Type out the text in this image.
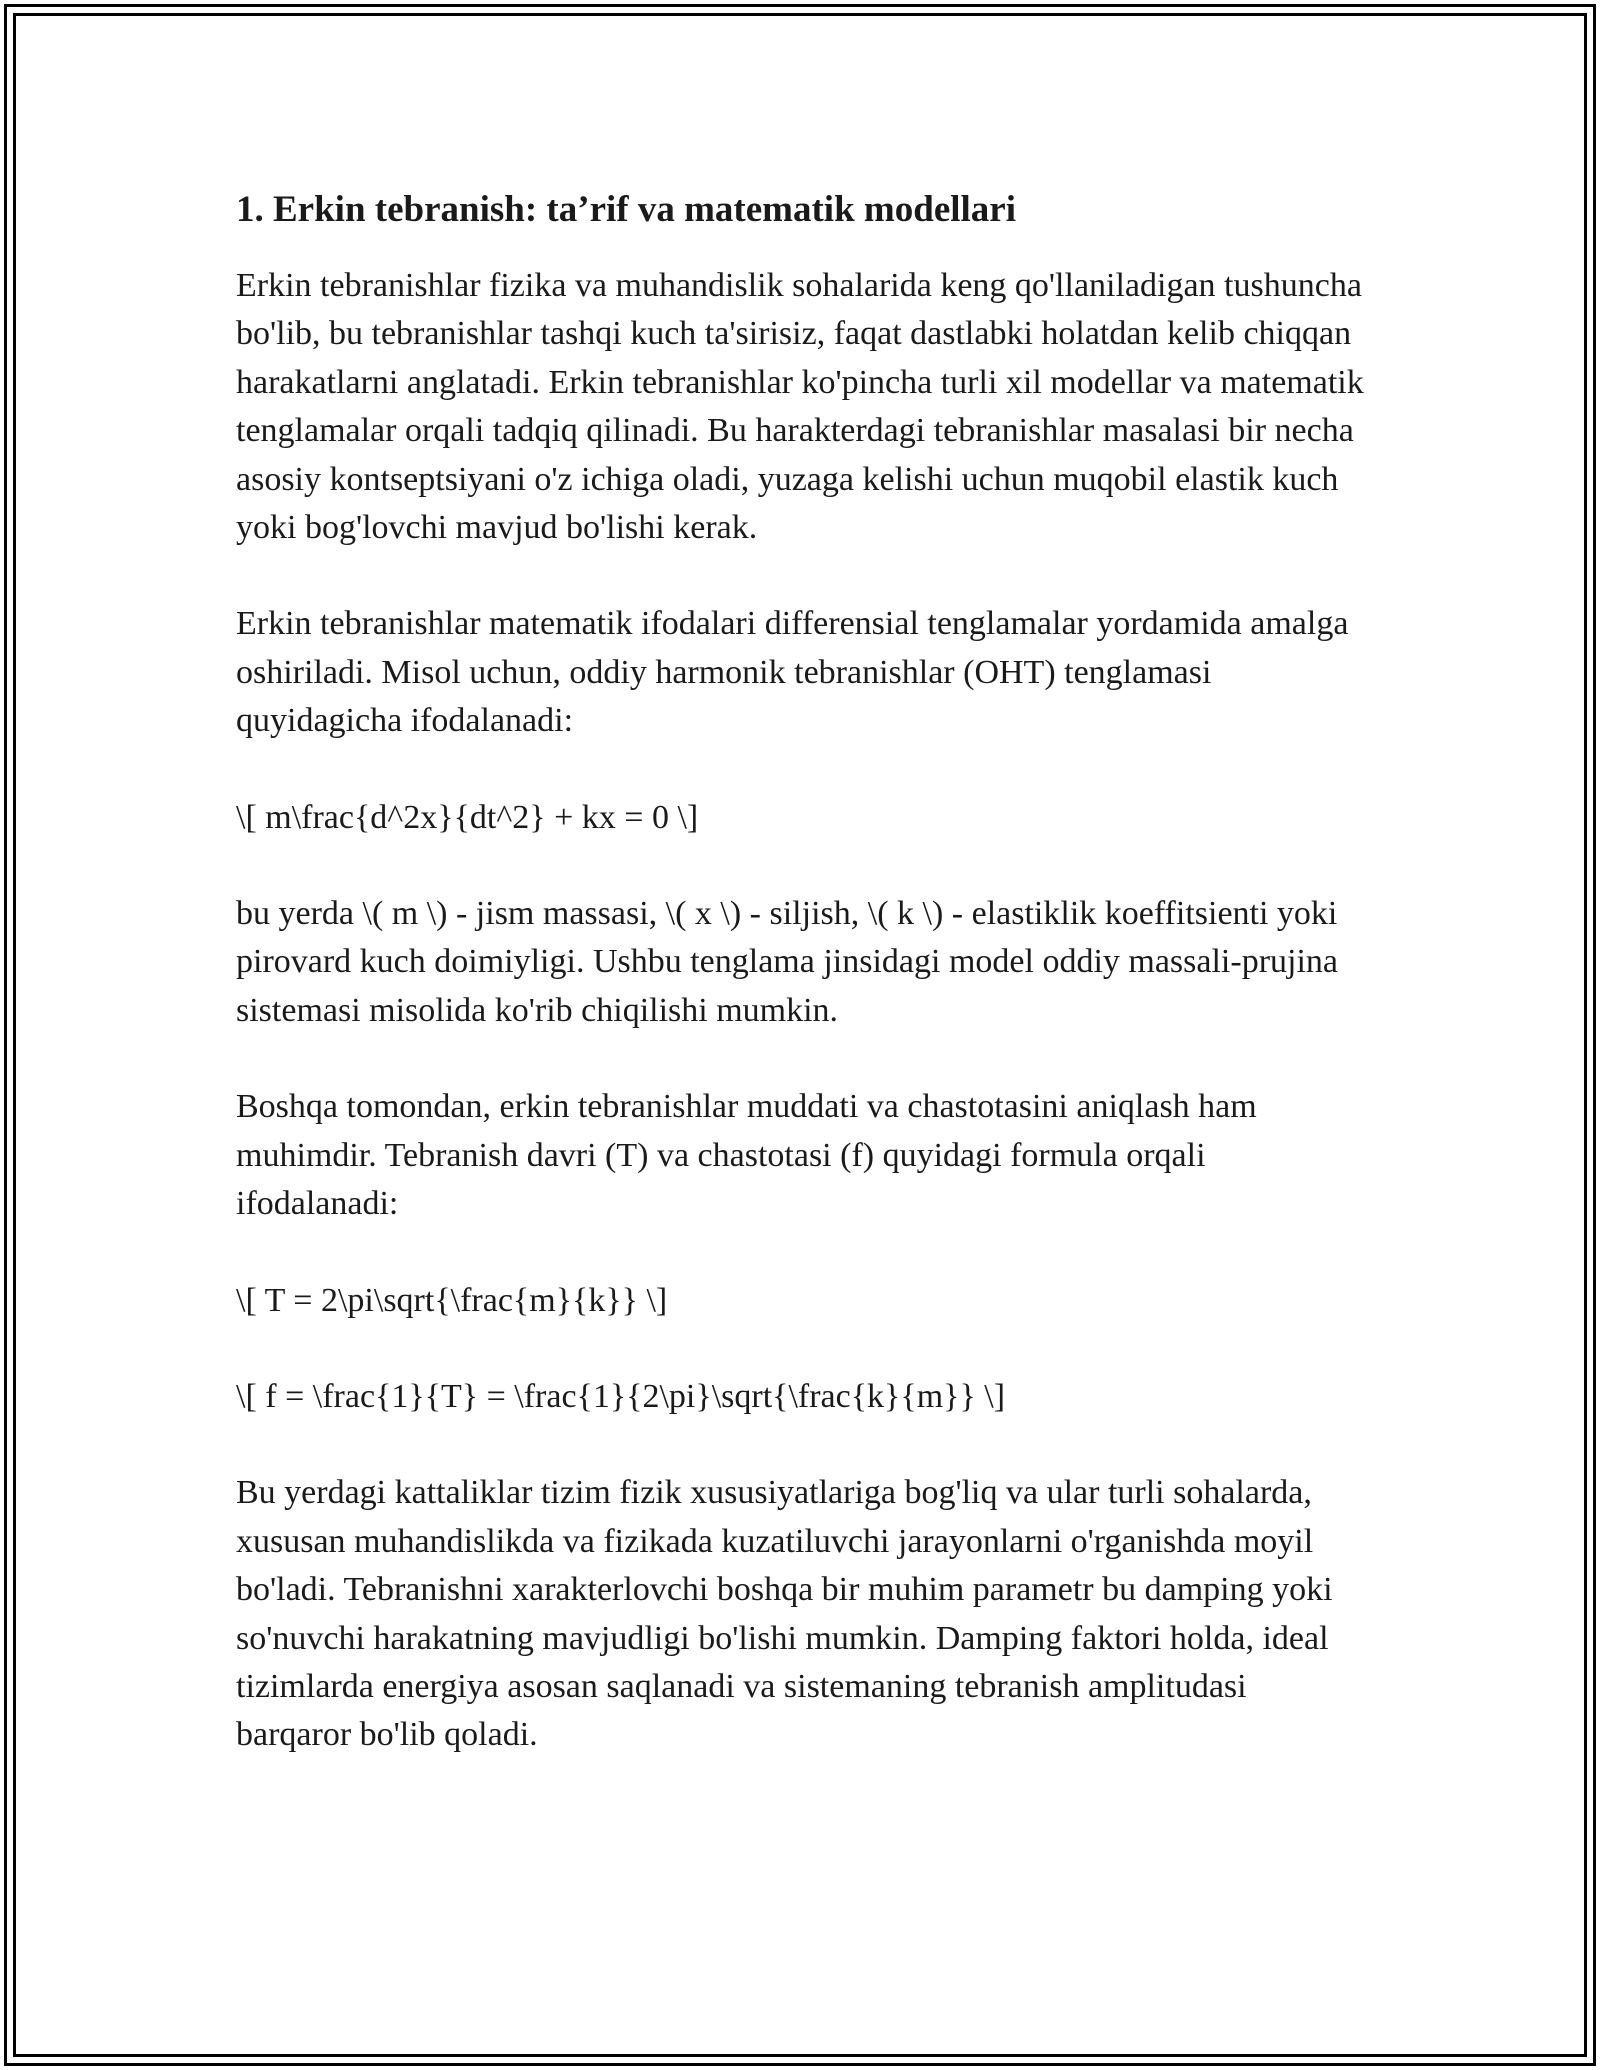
1. Erkin tebranish: ta’rif va matematik modellari

Erkin tebranishlar fizika va muhandislik sohalarida keng qo'llaniladigan tushuncha bo'lib, bu tebranishlar tashqi kuch ta'sirisiz, faqat dastlabki holatdan kelib chiqqan harakatlarni anglatadi. Erkin tebranishlar ko'pincha turli xil modellar va matematik tenglamalar orqali tadqiq qilinadi. Bu harakterdagi tebranishlar masalasi bir necha asosiy kontseptsiyani o'z ichiga oladi, yuzaga kelishi uchun muqobil elastik kuch yoki bog'lovchi mavjud bo'lishi kerak.

Erkin tebranishlar matematik ifodalari differensial tenglamalar yordamida amalga oshiriladi. Misol uchun, oddiy harmonik tebranishlar (OHT) tenglamasi quyidagicha ifodalanadi:

\[ m\frac{d^2x}{dt^2} + kx = 0 \]

bu yerda \( m \) - jism massasi, \( x \) - siljish, \( k \) - elastiklik koeffitsienti yoki pirovard kuch doimiyligi. Ushbu tenglama jinsidagi model oddiy massali-prujina sistemasi misolida ko'rib chiqilishi mumkin.

Boshqa tomondan, erkin tebranishlar muddati va chastotasini aniqlash ham muhimdir. Tebranish davri (T) va chastotasi (f) quyidagi formula orqali ifodalanadi:

\[ T = 2\pi\sqrt{\frac{m}{k}} \]

\[ f = \frac{1}{T} = \frac{1}{2\pi}\sqrt{\frac{k}{m}} \]

Bu yerdagi kattaliklar tizim fizik xususiyatlariga bog'liq va ular turli sohalarda, xususan muhandislikda va fizikada kuzatiluvchi jarayonlarni o'rganishda moyil bo'ladi. Tebranishni xarakterlovchi boshqa bir muhim parametr bu damping yoki so'nuvchi harakatning mavjudligi bo'lishi mumkin. Damping faktori holda, ideal tizimlarda energiya asosan saqlanadi va sistemaning tebranish amplitudasi barqaror bo'lib qoladi.
